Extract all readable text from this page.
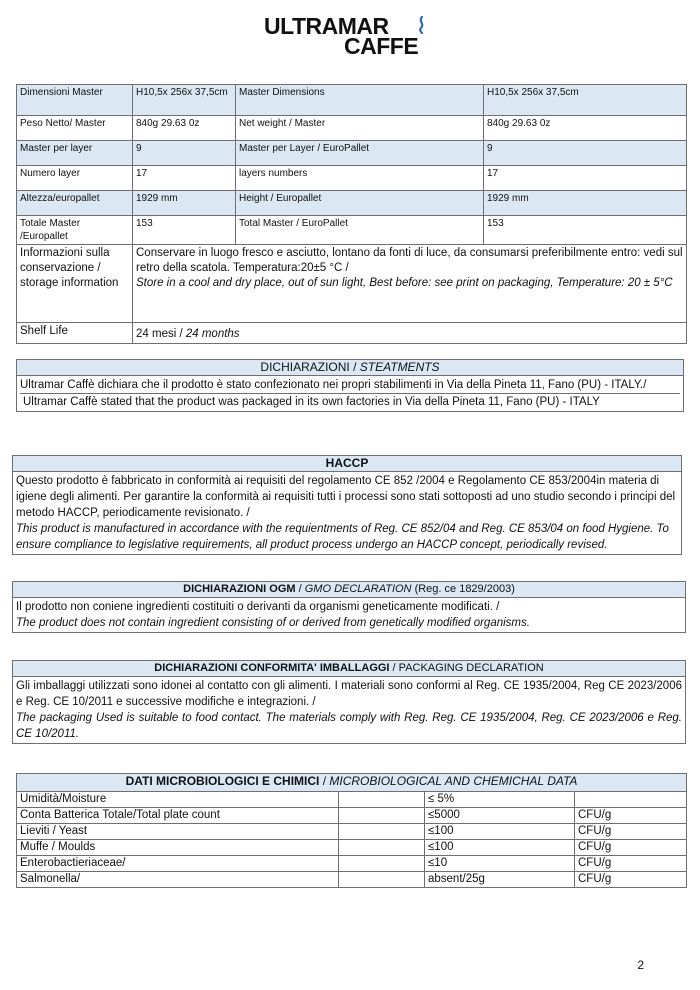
ULTRAMAR
CAFFE
Dimensioni Master	H10,5x 256x 37,5cm	Master Dimensions	H10,5x 256x 37,5cm
Peso Netto/ Master	840g 29.63 0z	Net weight / Master	840g 29.63 0z
Master per layer	9	Master per Layer / EuroPallet	9
Numero layer	17	layers numbers	17
Altezza/europallet	1929 mm	Height / Europallet	1929 mm
Totale Master /Europallet	153	Total Master / EuroPallet	153
Informazioni sulla conservazione / storage information	Conservare in luogo fresco e asciutto, lontano da fonti di luce, da consumarsi preferibilmente entro: vedi sul retro della scatola. Temperatura:20±5 °C /
Store in a cool and dry place, out of sun light, Best before: see print on packaging, Temperature: 20 ± 5°C		

Shelf Life	24 mesi / 24 months		
DICHIARAZIONI / STEATMENTS
Ultramar Caffè dichiara che il prodotto è stato confezionato nei propri stabilimenti in Via della Pineta 11, Fano (PU) - ITALY./
Ultramar Caffè stated that the product was packaged in its own factories in Via della Pineta 11, Fano (PU) - ITALY
HACCP
Questo prodotto è fabbricato in conformità ai requisiti del regolamento CE 852 /2004 e Regolamento CE 853/2004in materia di igiene degli alimenti. Per garantire la conformità ai requisiti tutti i processi sono stati sottoposti ad uno studio secondo i principi del metodo HACCP, periodicamente revisionato. /
This product is manufactured in accordance with the requientments of Reg. CE 852/04 and Reg. CE 853/04 on food Hygiene. To ensure compliance to legislative requirements, all product process undergo an HACCP concept, periodically revised.
DICHIARAZIONI OGM / GMO DECLARATION (Reg. ce 1829/2003)
Il prodotto non coniene ingredienti costituiti o derivanti da organismi geneticamente modificati. /
The product does not contain ingredient consisting of or derived from genetically modified organisms.
DICHIARAZIONI CONFORMITA' IMBALLAGGI / PACKAGING DECLARATION
Gli imballaggi utilizzati sono idonei al contatto con gli alimenti. I materiali sono conformi al Reg. CE 1935/2004, Reg CE 2023/2006 e Reg. CE 10/2011 e successive modifiche e integrazioni. /
The packaging Used is suitable to food contact. The materials comply with Reg. Reg. CE 1935/2004, Reg. CE 2023/2006 e Reg. CE 10/2011.
DATI MICROBIOLOGICI E CHIMICI / MICROBIOLOGICAL AND CHEMICHAL DATA			
Umidità/Moisture		≤ 5%	
Conta Batterica Totale/Total plate count		≤5000	CFU/g
Lieviti / Yeast		≤100	CFU/g
Muffe / Moulds		≤100	CFU/g
Enterobactieriaceae/		≤10	CFU/g
Salmonella/		absent/25g	CFU/g
2
